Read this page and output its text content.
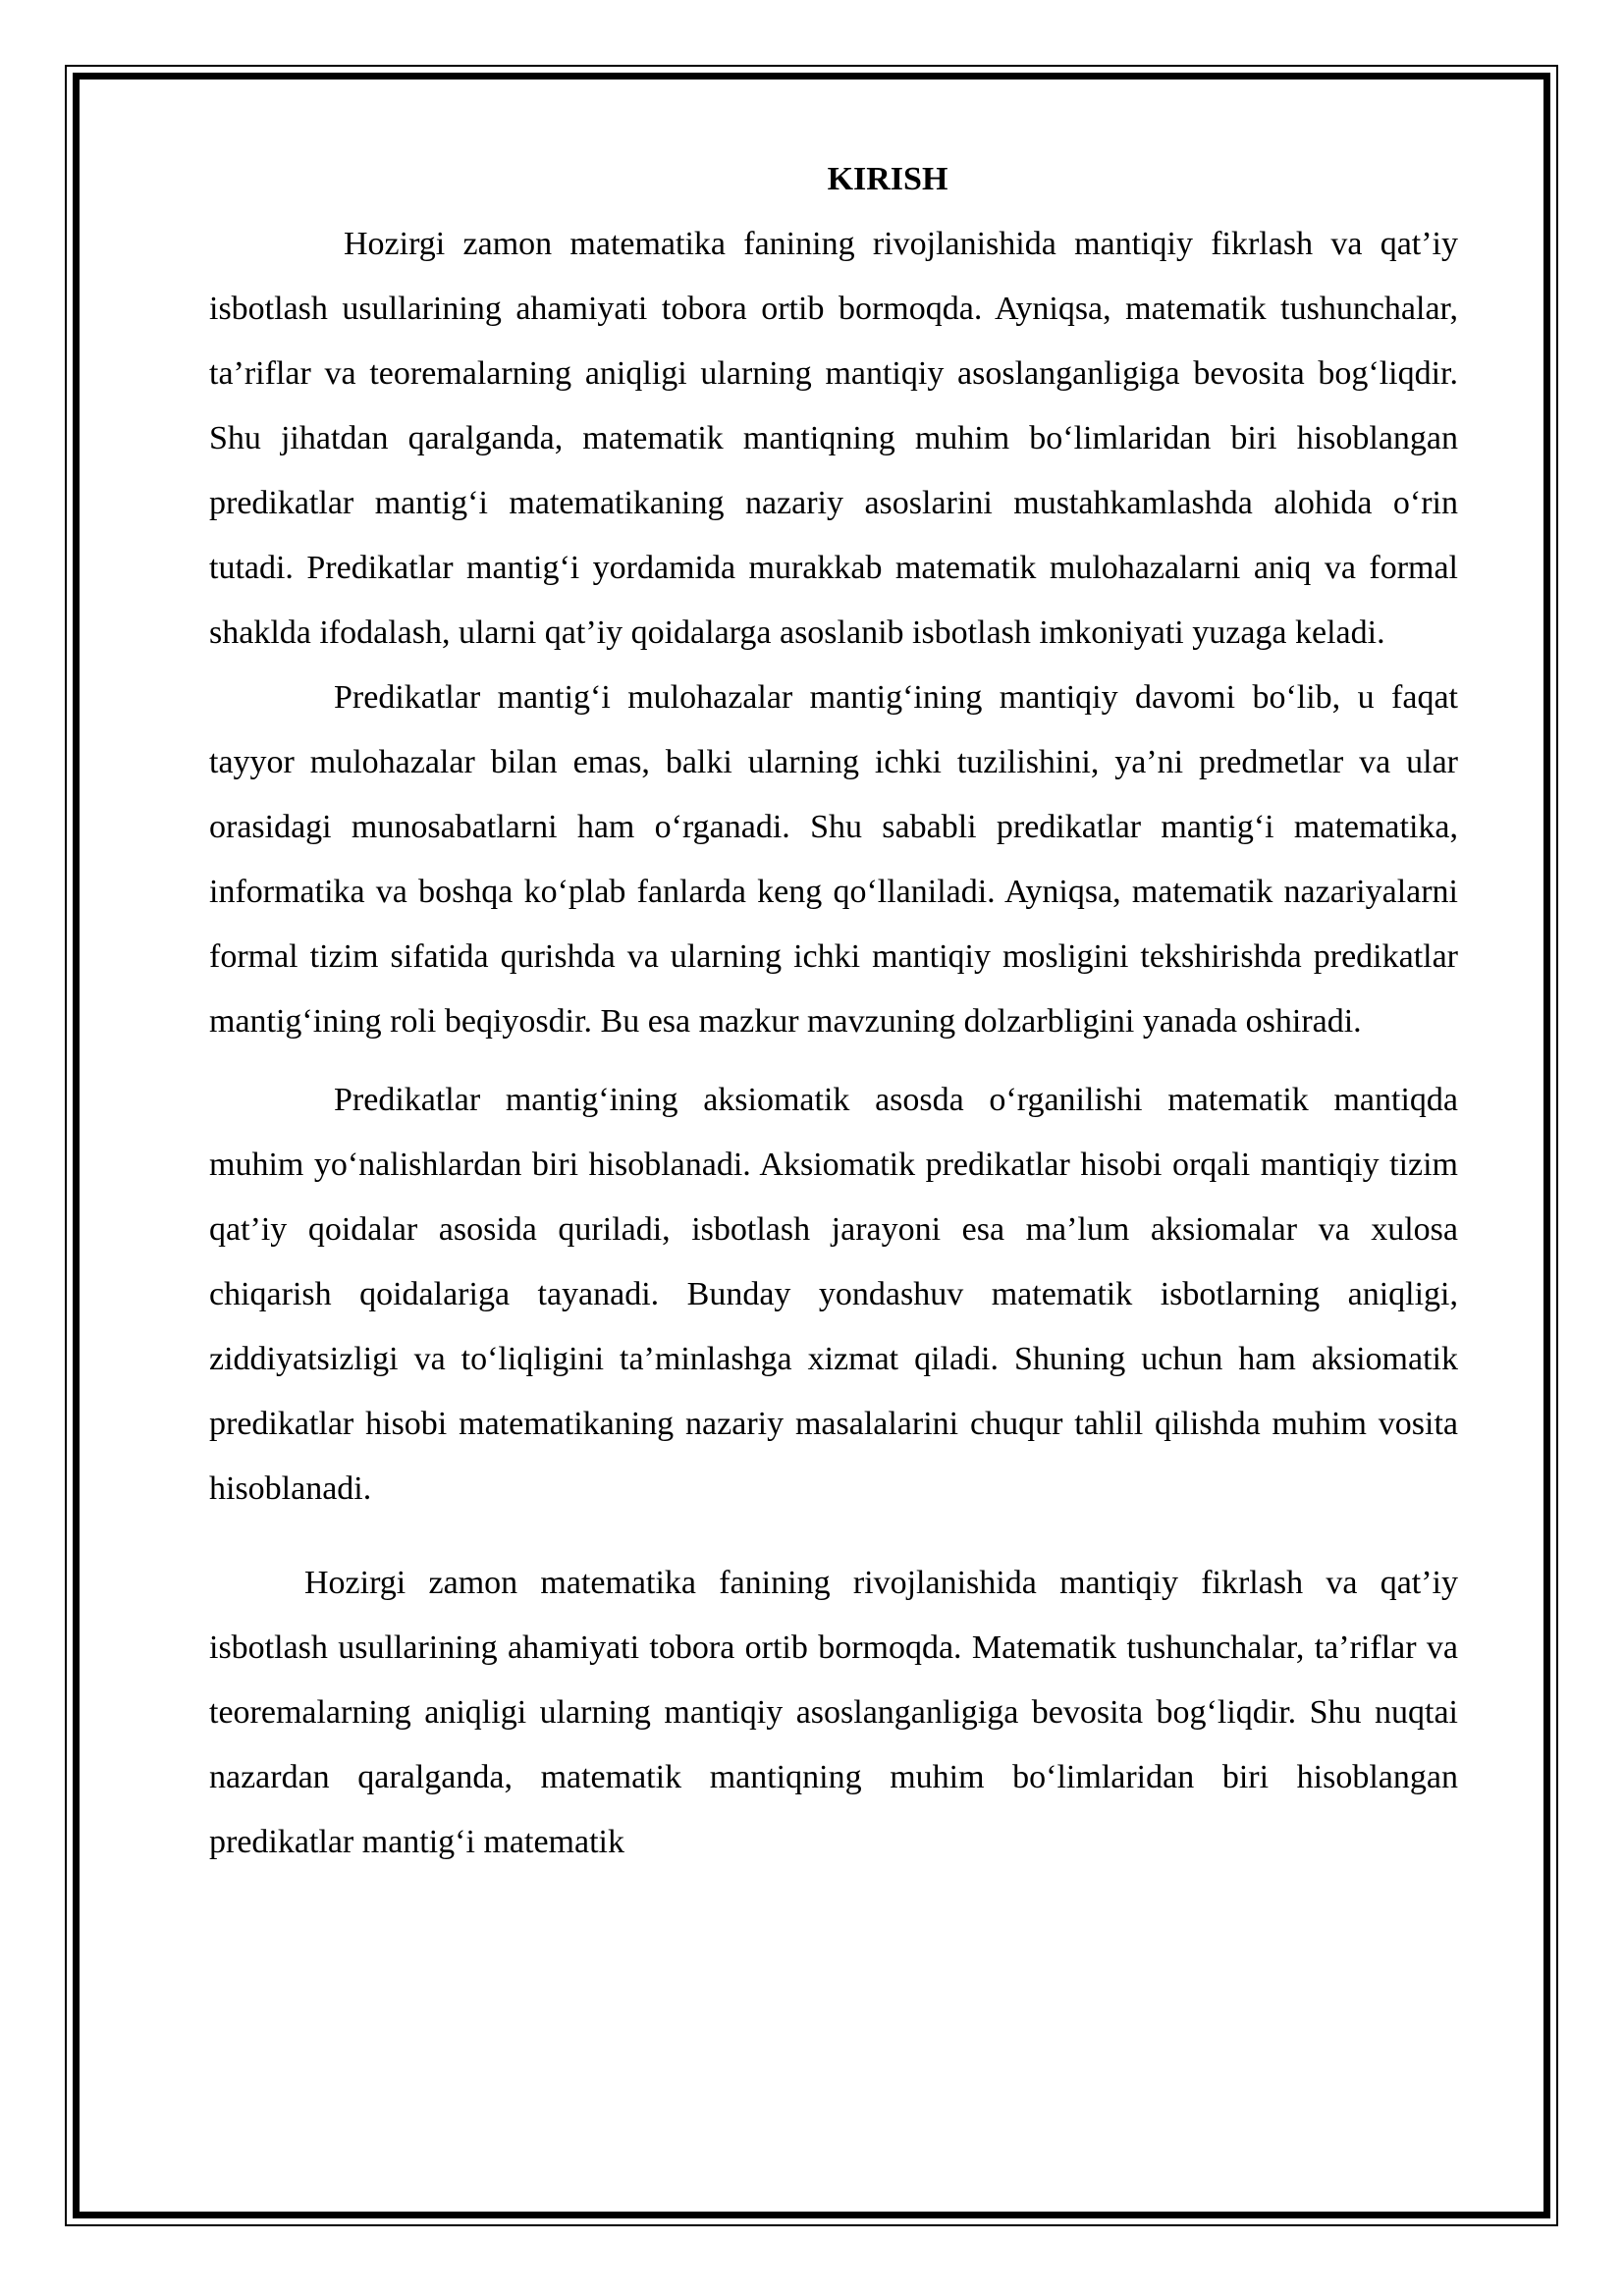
KIRISH

Hozirgi zamon matematika fanining rivojlanishida mantiqiy fikrlash va qat’iy isbotlash usullarining ahamiyati tobora ortib bormoqda. Ayniqsa, matematik tushunchalar, ta’riflar va teoremalarning aniqligi ularning mantiqiy asoslanganligiga bevosita bog‘liqdir. Shu jihatdan qaralganda, matematik mantiqning muhim bo‘limlaridan biri hisoblangan predikatlar mantig‘i matematikaning nazariy asoslarini mustahkamlashda alohida o‘rin tutadi. Predikatlar mantig‘i yordamida murakkab matematik mulohazalarni aniq va formal shaklda ifodalash, ularni qat’iy qoidalarga asoslanib isbotlash imkoniyati yuzaga keladi.

Predikatlar mantig‘i mulohazalar mantig‘ining mantiqiy davomi bo‘lib, u faqat tayyor mulohazalar bilan emas, balki ularning ichki tuzilishini, ya’ni predmetlar va ular orasidagi munosabatlarni ham o‘rganadi. Shu sababli predikatlar mantig‘i matematika, informatika va boshqa ko‘plab fanlarda keng qo‘llaniladi. Ayniqsa, matematik nazariyalarni formal tizim sifatida qurishda va ularning ichki mantiqiy mosligini tekshirishda predikatlar mantig‘ining roli beqiyosdir. Bu esa mazkur mavzuning dolzarbligini yanada oshiradi.

Predikatlar mantig‘ining aksiomatik asosda o‘rganilishi matematik mantiqda muhim yo‘nalishlardan biri hisoblanadi. Aksiomatik predikatlar hisobi orqali mantiqiy tizim qat’iy qoidalar asosida quriladi, isbotlash jarayoni esa ma’lum aksiomalar va xulosa chiqarish qoidalariga tayanadi. Bunday yondashuv matematik isbotlarning aniqligi, ziddiyatsizligi va to‘liqligini ta’minlashga xizmat qiladi. Shuning uchun ham aksiomatik predikatlar hisobi matematikaning nazariy masalalarini chuqur tahlil qilishda muhim vosita hisoblanadi.

Hozirgi zamon matematika fanining rivojlanishida mantiqiy fikrlash va qat’iy isbotlash usullarining ahamiyati tobora ortib bormoqda. Matematik tushunchalar, ta’riflar va teoremalarning aniqligi ularning mantiqiy asoslanganligiga bevosita bog‘liqdir. Shu nuqtai nazardan qaralganda, matematik mantiqning muhim bo‘limlaridan biri hisoblangan predikatlar mantig‘i matematik
